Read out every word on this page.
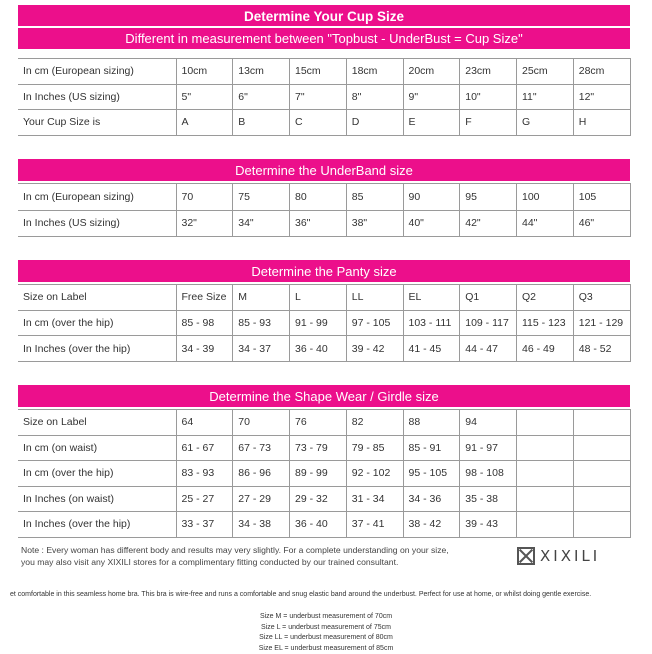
Determine Your Cup Size
Different in measurement between "Topbust - UnderBust = Cup Size"
In cm (European sizing)	10cm	13cm	15cm	18cm	20cm	23cm	25cm	28cm
In Inches (US sizing)	5"	6"	7"	8"	9"	10"	11"	12"
Your Cup Size is	A	B	C	D	E	F	G	H
Determine the UnderBand size
In cm (European sizing)	70	75	80	85	90	95	100	105
In Inches (US sizing)	32"	34"	36"	38"	40"	42"	44"	46"
Determine the Panty size
Size on Label	Free Size	M	L	LL	EL	Q1	Q2	Q3
In cm (over the hip)	85 - 98	85 - 93	91 - 99	97 - 105	103 - 111	109 - 117	115 - 123	121 - 129
In Inches (over the hip)	34 - 39	34 - 37	36 - 40	39 - 42	41 - 45	44 - 47	46 - 49	48 - 52
Determine the Shape Wear / Girdle size
Size on Label	64	70	76	82	88	94		
In cm (on waist)	61 - 67	67 - 73	73 - 79	79 - 85	85 - 91	91 - 97		
In cm (over the hip)	83 - 93	86 - 96	89 - 99	92 - 102	95 - 105	98 - 108		
In Inches (on waist)	25 - 27	27 - 29	29 - 32	31 - 34	34 - 36	35 - 38		
In Inches (over the hip)	33 - 37	34 - 38	36 - 40	37 - 41	38 - 42	39 - 43		
Note : Every woman has different body and results may very slightly. For a complete understanding on your size,
you may also visit any XIXILI stores for a complimentary fitting conducted by our trained consultant.	XIXILI
et comfortable in this seamless home bra. This bra is wire-free and runs a comfortable and snug elastic band around the underbust. Perfect for use at home, or whilst doing gentle exercise.
Size M = underbust measurement of 70cm
Size L = underbust measurement of 75cm
Size LL = underbust measurement of 80cm
Size EL = underbust measurement of 85cm
